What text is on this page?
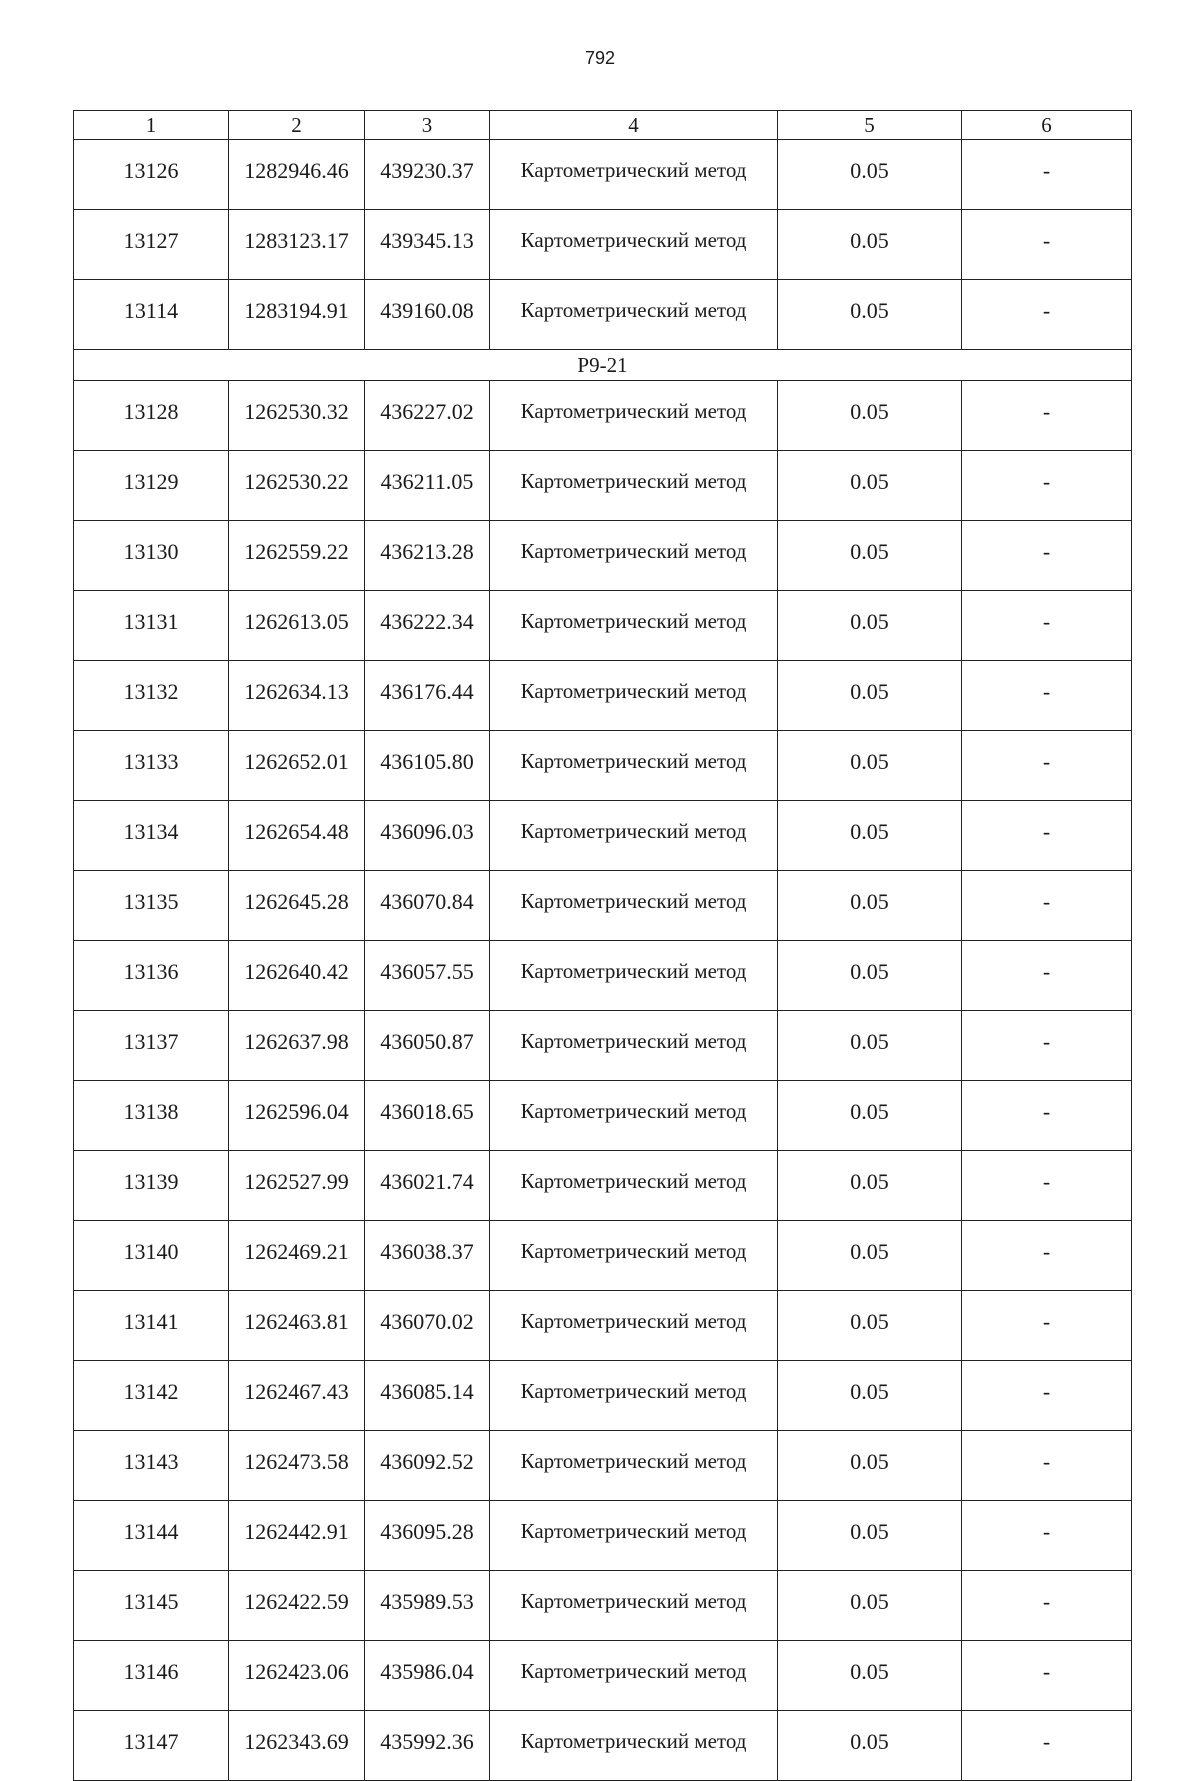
792
1	2	3	4	5	6
13126	1282946.46	439230.37	Картометрический метод	0.05	-
13127	1283123.17	439345.13	Картометрический метод	0.05	-
13114	1283194.91	439160.08	Картометрический метод	0.05	-
Р9-21					
13128	1262530.32	436227.02	Картометрический метод	0.05	-
13129	1262530.22	436211.05	Картометрический метод	0.05	-
13130	1262559.22	436213.28	Картометрический метод	0.05	-
13131	1262613.05	436222.34	Картометрический метод	0.05	-
13132	1262634.13	436176.44	Картометрический метод	0.05	-
13133	1262652.01	436105.80	Картометрический метод	0.05	-
13134	1262654.48	436096.03	Картометрический метод	0.05	-
13135	1262645.28	436070.84	Картометрический метод	0.05	-
13136	1262640.42	436057.55	Картометрический метод	0.05	-
13137	1262637.98	436050.87	Картометрический метод	0.05	-
13138	1262596.04	436018.65	Картометрический метод	0.05	-
13139	1262527.99	436021.74	Картометрический метод	0.05	-
13140	1262469.21	436038.37	Картометрический метод	0.05	-
13141	1262463.81	436070.02	Картометрический метод	0.05	-
13142	1262467.43	436085.14	Картометрический метод	0.05	-
13143	1262473.58	436092.52	Картометрический метод	0.05	-
13144	1262442.91	436095.28	Картометрический метод	0.05	-
13145	1262422.59	435989.53	Картометрический метод	0.05	-
13146	1262423.06	435986.04	Картометрический метод	0.05	-
13147	1262343.69	435992.36	Картометрический метод	0.05	-
